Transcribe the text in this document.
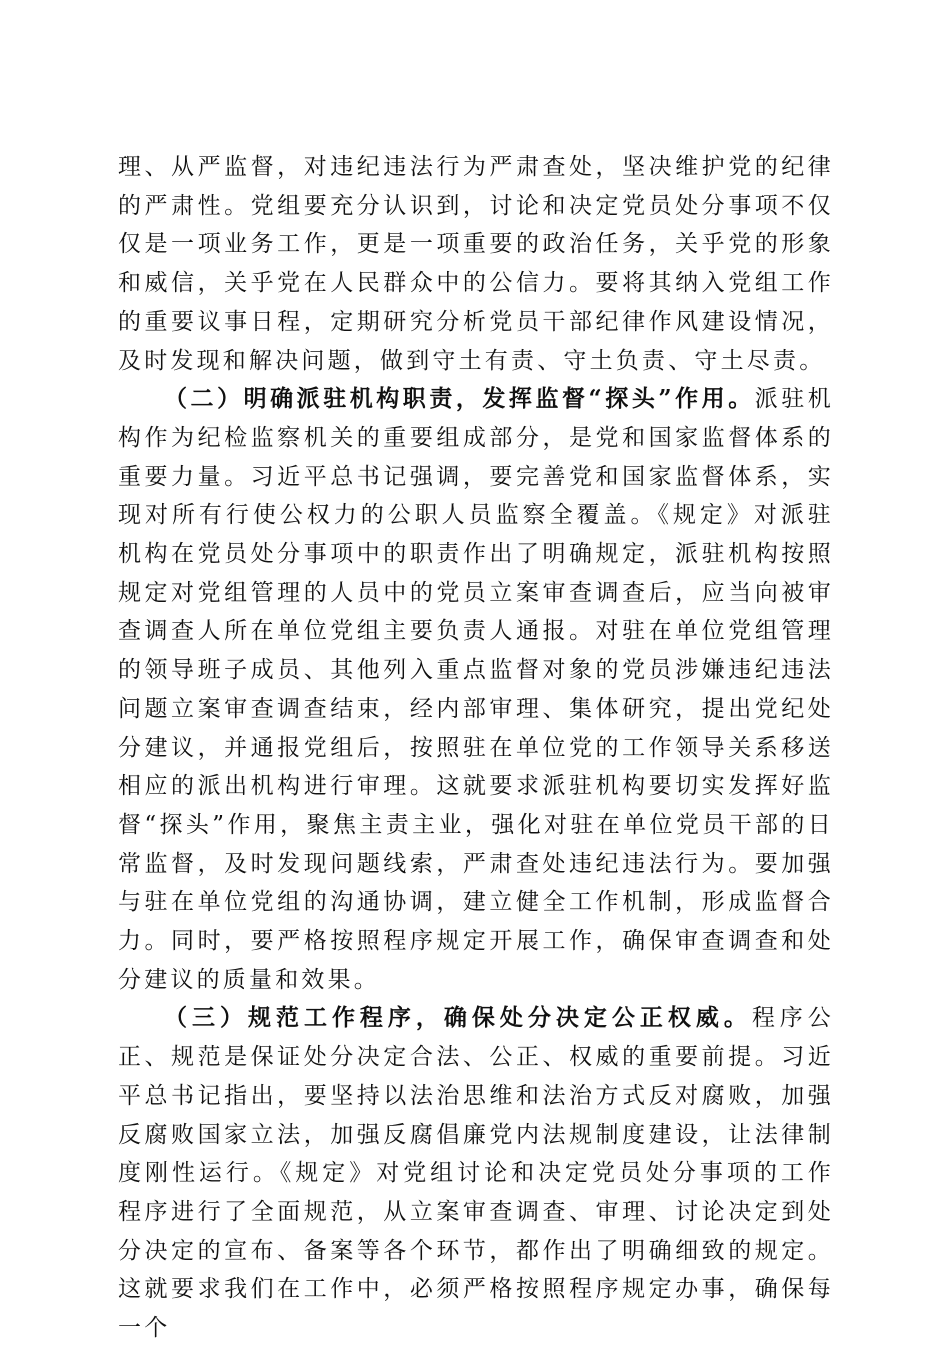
理、从严监督，对违纪违法行为严肃查处，坚决维护党的纪律的严肃性。党组要充分认识到，讨论和决定党员处分事项不仅仅是一项业务工作，更是一项重要的政治任务，关乎党的形象和威信，关乎党在人民群众中的公信力。要将其纳入党组工作的重要议事日程，定期研究分析党员干部纪律作风建设情况，及时发现和解决问题，做到守土有责、守土负责、守土尽责。

（二）明确派驻机构职责，发挥监督“探头”作用。派驻机构作为纪检监察机关的重要组成部分，是党和国家监督体系的重要力量。习近平总书记强调，要完善党和国家监督体系，实现对所有行使公权力的公职人员监察全覆盖。《规定》对派驻机构在党员处分事项中的职责作出了明确规定，派驻机构按照规定对党组管理的人员中的党员立案审查调查后，应当向被审查调查人所在单位党组主要负责人通报。对驻在单位党组管理的领导班子成员、其他列入重点监督对象的党员涉嫌违纪违法问题立案审查调查结束，经内部审理、集体研究，提出党纪处分建议，并通报党组后，按照驻在单位党的工作领导关系移送相应的派出机构进行审理。这就要求派驻机构要切实发挥好监督“探头”作用，聚焦主责主业，强化对驻在单位党员干部的日常监督，及时发现问题线索，严肃查处违纪违法行为。要加强与驻在单位党组的沟通协调，建立健全工作机制，形成监督合力。同时，要严格按照程序规定开展工作，确保审查调查和处分建议的质量和效果。

（三）规范工作程序，确保处分决定公正权威。程序公正、规范是保证处分决定合法、公正、权威的重要前提。习近平总书记指出，要坚持以法治思维和法治方式反对腐败，加强反腐败国家立法，加强反腐倡廉党内法规制度建设，让法律制度刚性运行。《规定》对党组讨论和决定党员处分事项的工作程序进行了全面规范，从立案审查调查、审理、讨论决定到处分决定的宣布、备案等各个环节，都作出了明确细致的规定。这就要求我们在工作中，必须严格按照程序规定办事，确保每一个
